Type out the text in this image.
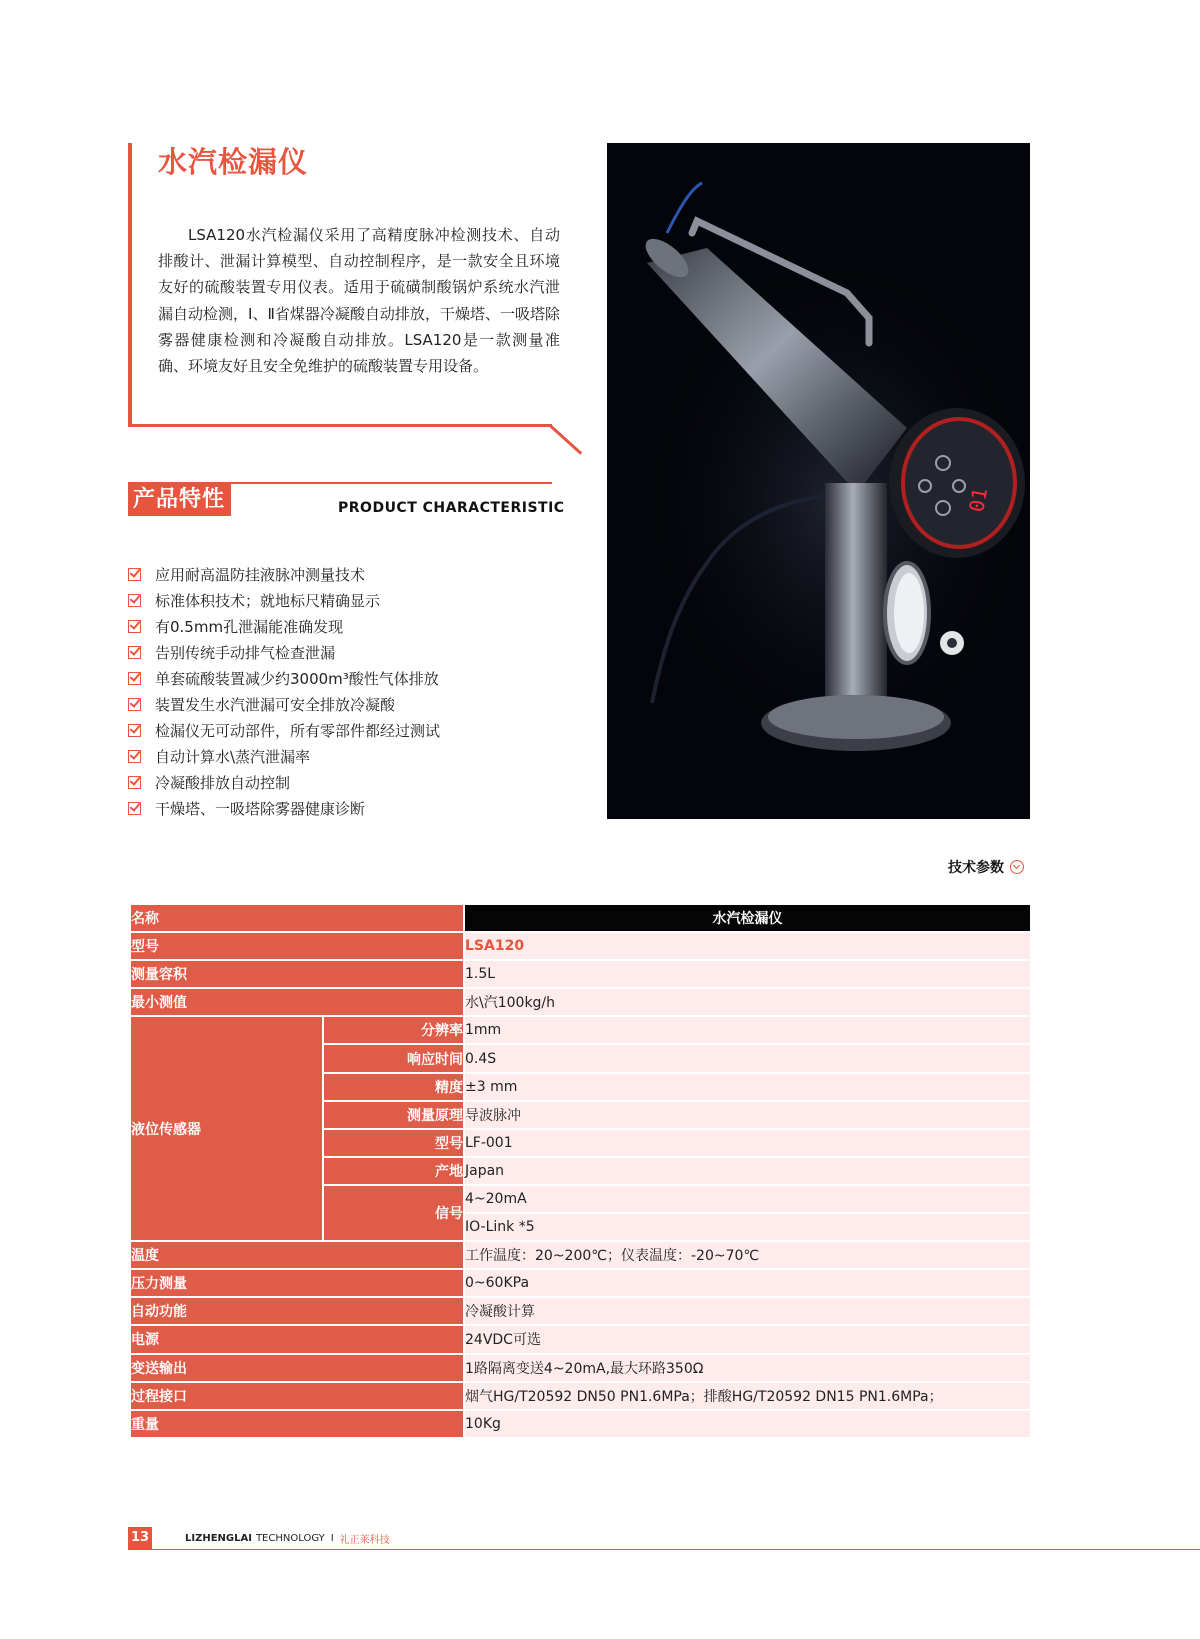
水汽检漏仪

LSA120水汽检漏仪采用了高精度脉冲检测技术、自动排酸计、泄漏计算模型、自动控制程序，是一款安全且环境友好的硫酸装置专用仪表。适用于硫磺制酸锅炉系统水汽泄漏自动检测，Ⅰ、Ⅱ省煤器冷凝酸自动排放，干燥塔、一吸塔除雾器健康检测和冷凝酸自动排放。LSA120是一款测量准确、环境友好且安全免维护的硫酸装置专用设备。

产品特性	PRODUCT CHARACTERISTIC
应用耐高温防挂液脉冲测量技术
标准体积技术；就地标尺精确显示
有0.5mm孔泄漏能准确发现
告别传统手动排气检查泄漏
单套硫酸装置减少约3000m³酸性气体排放
装置发生水汽泄漏可安全排放冷凝酸
检漏仪无可动部件，所有零部件都经过测试
自动计算水\蒸汽泄漏率
冷凝酸排放自动控制
干燥塔、一吸塔除雾器健康诊断
01
技术参数
名称		水汽检漏仪
型号		LSA120
测量容积		1.5L
最小测值		水\汽100kg/h
液位传感器	分辨率	1mm
	响应时间	0.4S
	精度	±3 mm
	测量原理	导波脉冲
	型号	LF-001
	产地	Japan
	信号	4~20mA
		IO-Link *5
温度		工作温度：20~200℃；仪表温度：-20~70℃
压力测量		0~60KPa
自动功能		冷凝酸计算
电源		24VDC可选
变送输出		1路隔离变送4~20mA,最大环路350Ω
过程接口		烟气HG/T20592 DN50 PN1.6MPa；排酸HG/T20592 DN15 PN1.6MPa；
重量		10Kg
13	LIZHENGLAI TECHNOLOGY I 礼正莱科技
